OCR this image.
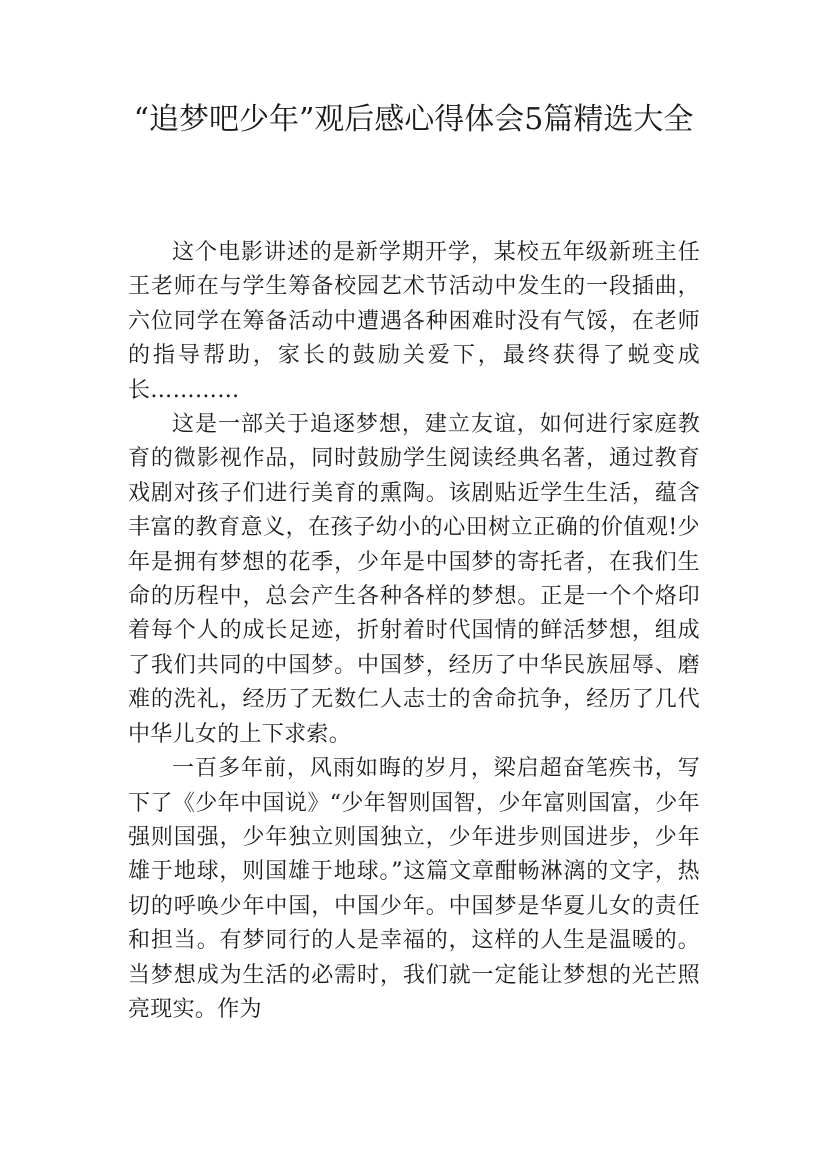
“追梦吧少年”观后感心得体会5篇精选大全

这个电影讲述的是新学期开学，某校五年级新班主任王老师在与学生筹备校园艺术节活动中发生的一段插曲，六位同学在筹备活动中遭遇各种困难时没有气馁，在老师的指导帮助，家长的鼓励关爱下，最终获得了蜕变成长…………

这是一部关于追逐梦想，建立友谊，如何进行家庭教育的微影视作品，同时鼓励学生阅读经典名著，通过教育戏剧对孩子们进行美育的熏陶。该剧贴近学生生活，蕴含丰富的教育意义，在孩子幼小的心田树立正确的价值观!少年是拥有梦想的花季，少年是中国梦的寄托者，在我们生命的历程中，总会产生各种各样的梦想。正是一个个烙印着每个人的成长足迹，折射着时代国情的鲜活梦想，组成了我们共同的中国梦。中国梦，经历了中华民族屈辱、磨难的洗礼，经历了无数仁人志士的舍命抗争，经历了几代中华儿女的上下求索。

一百多年前，风雨如晦的岁月，梁启超奋笔疾书，写下了《少年中国说》“少年智则国智，少年富则国富，少年强则国强，少年独立则国独立，少年进步则国进步，少年雄于地球，则国雄于地球。”这篇文章酣畅淋漓的文字，热切的呼唤少年中国，中国少年。中国梦是华夏儿女的责任和担当。有梦同行的人是幸福的，这样的人生是温暖的。当梦想成为生活的必需时，我们就一定能让梦想的光芒照亮现实。作为
